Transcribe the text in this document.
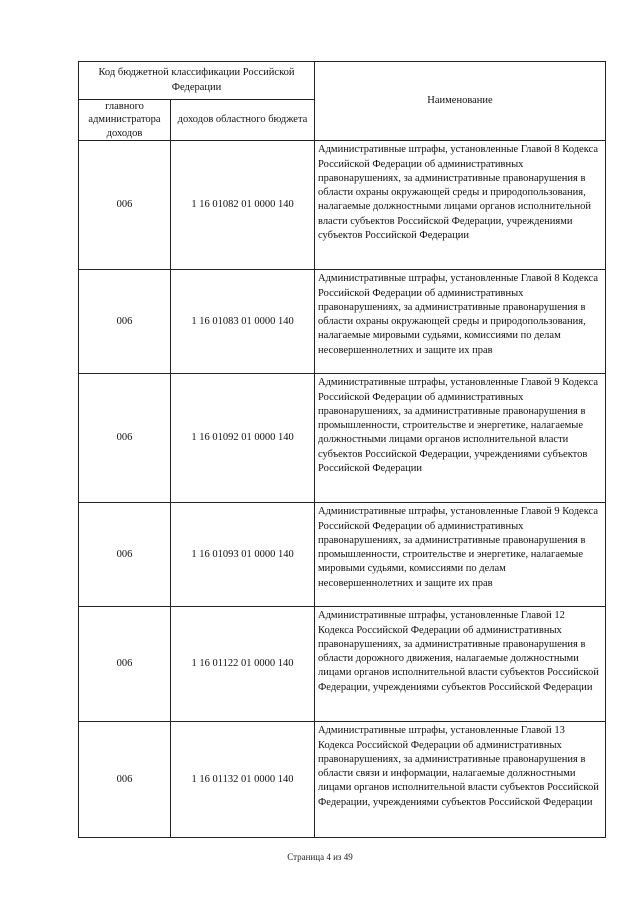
Код бюджетной классификации Российской Федерации		Наименование
главного администратора доходов	доходов областного бюджета	
006	1 16 01082 01 0000 140	Административные штрафы, установленные Главой 8 Кодекса Российской Федерации об административных правонарушениях, за административные правонарушения в области охраны окружающей среды и природопользования, налагаемые должностными лицами органов исполнительной власти субъектов Российской Федерации, учреждениями субъектов Российской Федерации
006	1 16 01083 01 0000 140	Административные штрафы, установленные Главой 8 Кодекса Российской Федерации об административных правонарушениях, за административные правонарушения в области охраны окружающей среды и природопользования, налагаемые мировыми судьями, комиссиями по делам несовершеннолетних и защите их прав
006	1 16 01092 01 0000 140	Административные штрафы, установленные Главой 9 Кодекса Российской Федерации об административных правонарушениях, за административные правонарушения в промышленности, строительстве и энергетике, налагаемые должностными лицами органов исполнительной власти субъектов Российской Федерации, учреждениями субъектов Российской Федерации
006	1 16 01093 01 0000 140	Административные штрафы, установленные Главой 9 Кодекса Российской Федерации об административных правонарушениях, за административные правонарушения в промышленности, строительстве и энергетике, налагаемые мировыми судьями, комиссиями по делам несовершеннолетних и защите их прав
006	1 16 01122 01 0000 140	Административные штрафы, установленные Главой 12 Кодекса Российской Федерации об административных правонарушениях, за административные правонарушения в области дорожного движения, налагаемые должностными лицами органов исполнительной власти субъектов Российской Федерации, учреждениями субъектов Российской Федерации
006	1 16 01132 01 0000 140	Административные штрафы, установленные Главой 13 Кодекса Российской Федерации об административных правонарушениях, за административные правонарушения в области связи и информации, налагаемые должностными лицами органов исполнительной власти субъектов Российской Федерации, учреждениями субъектов Российской Федерации
Страница 4 из 49
